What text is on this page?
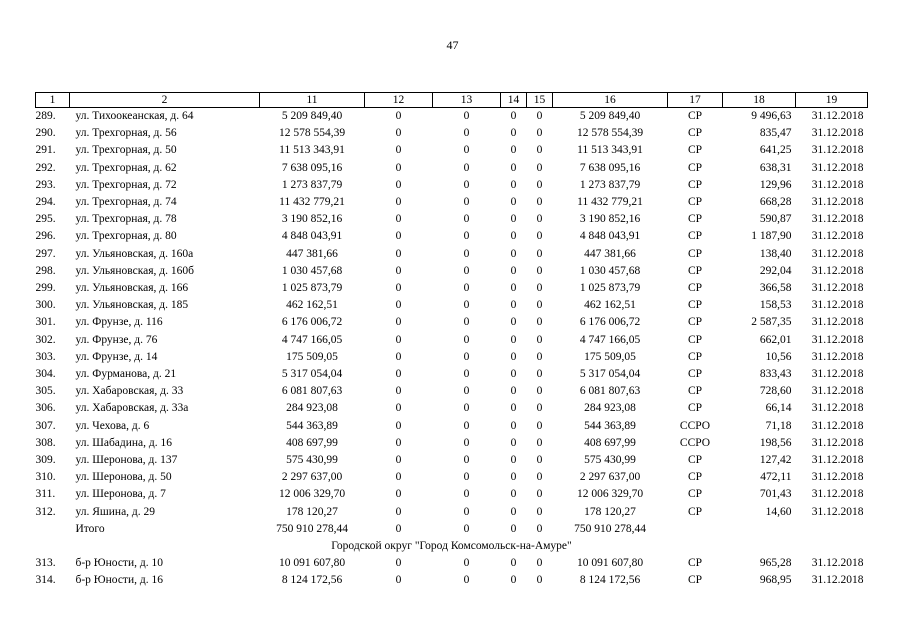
47
1	2	11	12	13	14	15	16	17	18	19
289.	ул. Тихоокеанская, д. 64	5 209 849,40	0	0	0	0	5 209 849,40	СР	9 496,63	31.12.2018
290.	ул. Трехгорная, д. 56	12 578 554,39	0	0	0	0	12 578 554,39	СР	835,47	31.12.2018
291.	ул. Трехгорная, д. 50	11 513 343,91	0	0	0	0	11 513 343,91	СР	641,25	31.12.2018
292.	ул. Трехгорная, д. 62	7 638 095,16	0	0	0	0	7 638 095,16	СР	638,31	31.12.2018
293.	ул. Трехгорная, д. 72	1 273 837,79	0	0	0	0	1 273 837,79	СР	129,96	31.12.2018
294.	ул. Трехгорная, д. 74	11 432 779,21	0	0	0	0	11 432 779,21	СР	668,28	31.12.2018
295.	ул. Трехгорная, д. 78	3 190 852,16	0	0	0	0	3 190 852,16	СР	590,87	31.12.2018
296.	ул. Трехгорная, д. 80	4 848 043,91	0	0	0	0	4 848 043,91	СР	1 187,90	31.12.2018
297.	ул. Ульяновская, д. 160а	447 381,66	0	0	0	0	447 381,66	СР	138,40	31.12.2018
298.	ул. Ульяновская, д. 160б	1 030 457,68	0	0	0	0	1 030 457,68	СР	292,04	31.12.2018
299.	ул. Ульяновская, д. 166	1 025 873,79	0	0	0	0	1 025 873,79	СР	366,58	31.12.2018
300.	ул. Ульяновская, д. 185	462 162,51	0	0	0	0	462 162,51	СР	158,53	31.12.2018
301.	ул. Фрунзе, д. 116	6 176 006,72	0	0	0	0	6 176 006,72	СР	2 587,35	31.12.2018
302.	ул. Фрунзе, д. 76	4 747 166,05	0	0	0	0	4 747 166,05	СР	662,01	31.12.2018
303.	ул. Фрунзе, д. 14	175 509,05	0	0	0	0	175 509,05	СР	10,56	31.12.2018
304.	ул. Фурманова, д. 21	5 317 054,04	0	0	0	0	5 317 054,04	СР	833,43	31.12.2018
305.	ул. Хабаровская, д. 33	6 081 807,63	0	0	0	0	6 081 807,63	СР	728,60	31.12.2018
306.	ул. Хабаровская, д. 33а	284 923,08	0	0	0	0	284 923,08	СР	66,14	31.12.2018
307.	ул. Чехова, д. 6	544 363,89	0	0	0	0	544 363,89	ССРО	71,18	31.12.2018
308.	ул. Шабадина, д. 16	408 697,99	0	0	0	0	408 697,99	ССРО	198,56	31.12.2018
309.	ул. Шеронова, д. 137	575 430,99	0	0	0	0	575 430,99	СР	127,42	31.12.2018
310.	ул. Шеронова, д. 50	2 297 637,00	0	0	0	0	2 297 637,00	СР	472,11	31.12.2018
311.	ул. Шеронова, д. 7	12 006 329,70	0	0	0	0	12 006 329,70	СР	701,43	31.12.2018
312.	ул. Яшина, д. 29	178 120,27	0	0	0	0	178 120,27	СР	14,60	31.12.2018
	Итого	750 910 278,44	0	0	0	0	750 910 278,44			
Городской округ "Город Комсомольск-на-Амуре"										
313.	б-р Юности, д. 10	10 091 607,80	0	0	0	0	10 091 607,80	СР	965,28	31.12.2018
314.	б-р Юности, д. 16	8 124 172,56	0	0	0	0	8 124 172,56	СР	968,95	31.12.2018
